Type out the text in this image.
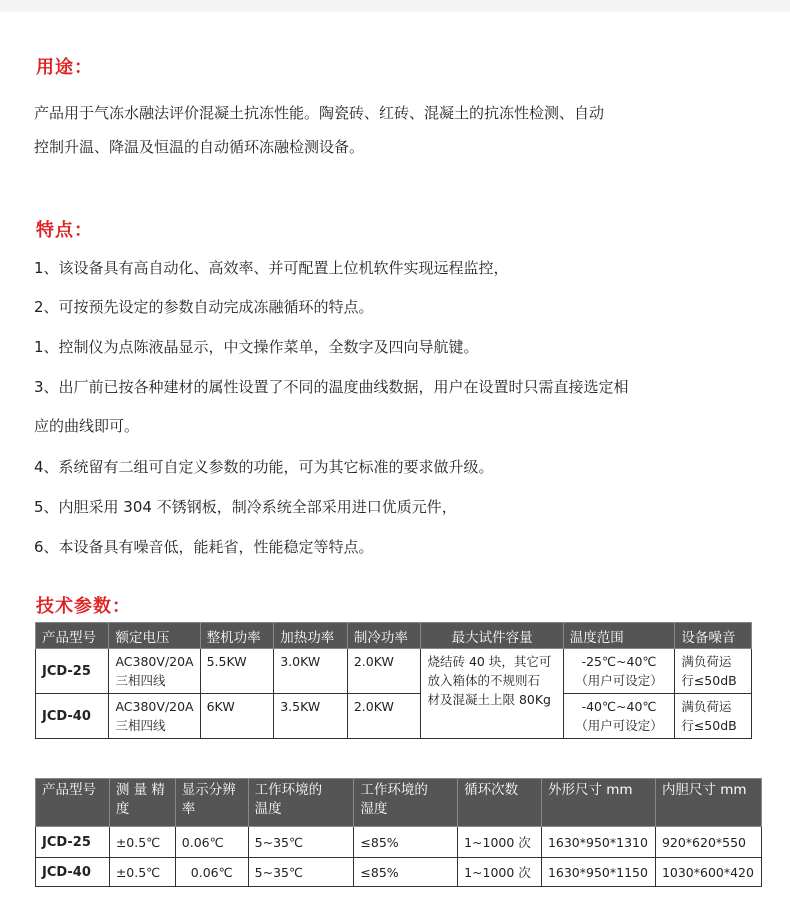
用途：
产品用于气冻水融法评价混凝土抗冻性能。陶瓷砖、红砖、混凝土的抗冻性检测、自动
控制升温、降温及恒温的自动循环冻融检测设备。
特点：
1、该设备具有高自动化、高效率、并可配置上位机软件实现远程监控，
2、可按预先设定的参数自动完成冻融循环的特点。
1、控制仪为点陈液晶显示，中文操作菜单，全数字及四向导航键。
3、出厂前已按各种建材的属性设置了不同的温度曲线数据，用户在设置时只需直接选定相
应的曲线即可。
4、系统留有二组可自定义参数的功能，可为其它标准的要求做升级。
5、内胆采用 304 不锈钢板，制冷系统全部采用进口优质元件，
6、本设备具有噪音低，能耗省，性能稳定等特点。
技术参数：
产品型号	额定电压	整机功率	加热功率	制冷功率	最大试件容量	温度范围	设备噪音
JCD-25	AC380V/20A
三相四线	5.5KW	3.0KW	2.0KW	烧结砖 40 块，其它可
放入箱体的不规则石
材及混凝土上限 80Kg	-25℃~40℃
（用户可设定）	满负荷运
行≤50dB
JCD-40	AC380V/20A
三相四线	6KW	3.5KW	2.0KW		-40℃~40℃
（用户可设定）	满负荷运
行≤50dB
产品型号	测 量 精
度	显示分辨
率	工作环境的
温度	工作环境的
湿度	循环次数	外形尺寸 mm	内胆尺寸 mm
JCD-25	±0.5℃	0.06℃	5~35℃	≤85%	1~1000 次	1630*950*1310	920*620*550
JCD-40	±0.5℃	0.06℃	5~35℃	≤85%	1~1000 次	1630*950*1150	1030*600*420
